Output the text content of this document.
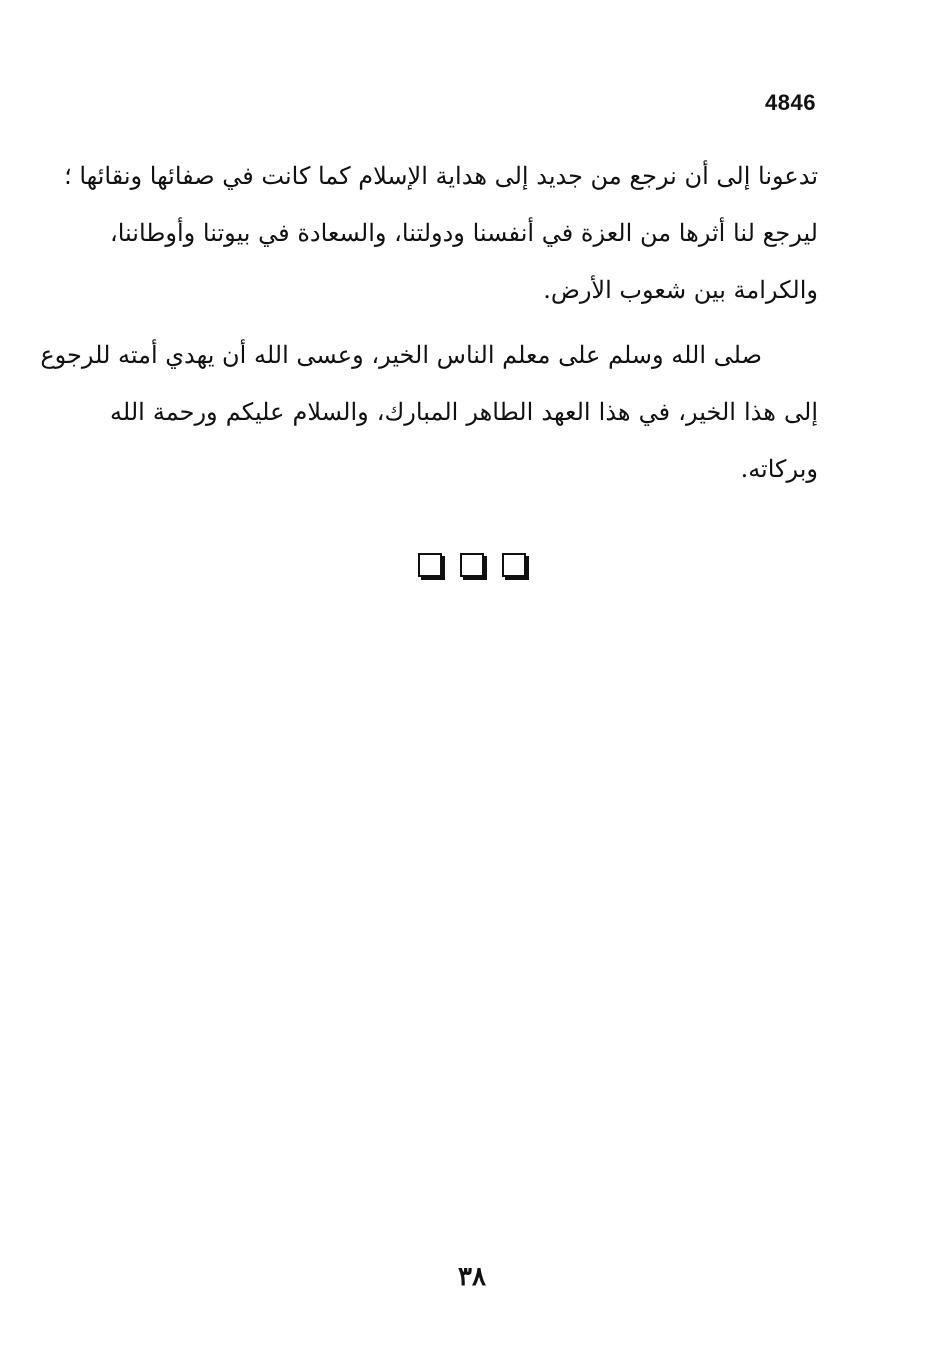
4846
تدعونا إلى أن نرجع من جديد إلى هداية الإسلام كما كانت في صفائها ونقائها ؛
ليرجع لنا أثرها من العزة في أنفسنا ودولتنا، والسعادة في بيوتنا وأوطاننا،
والكرامة بين شعوب الأرض.
صلى الله وسلم على معلم الناس الخير، وعسى الله أن يهدي أمته للرجوع
إلى هذا الخير، في هذا العهد الطاهر المبارك، والسلام عليكم ورحمة الله
وبركاته.
٣٨
